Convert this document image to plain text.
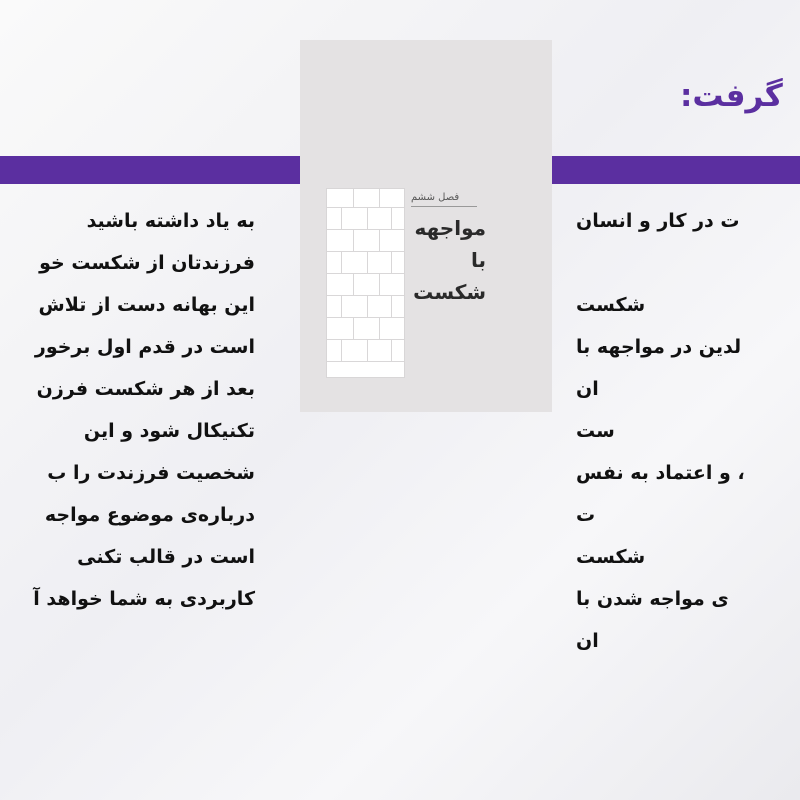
گرفت:
فصل ششم
مواجهه
با شکست
به یاد داشته باشید
فرزندتان از شکست خو
این بهانه دست از تلاش
است در قدم اول برخور
بعد از هر شکست فرزن
تکنیکال شود و این
شخصیت فرزندت را ب
درباره‌ی موضوع مواجه
است در قالب تکنی
کاربردی به شما خواهد آ
ت در کار و انسان
شکست
لدین در مواجهه با
ان
ست
، و اعتماد به نفس
ت
شکست
ی مواجه شدن با
ان
